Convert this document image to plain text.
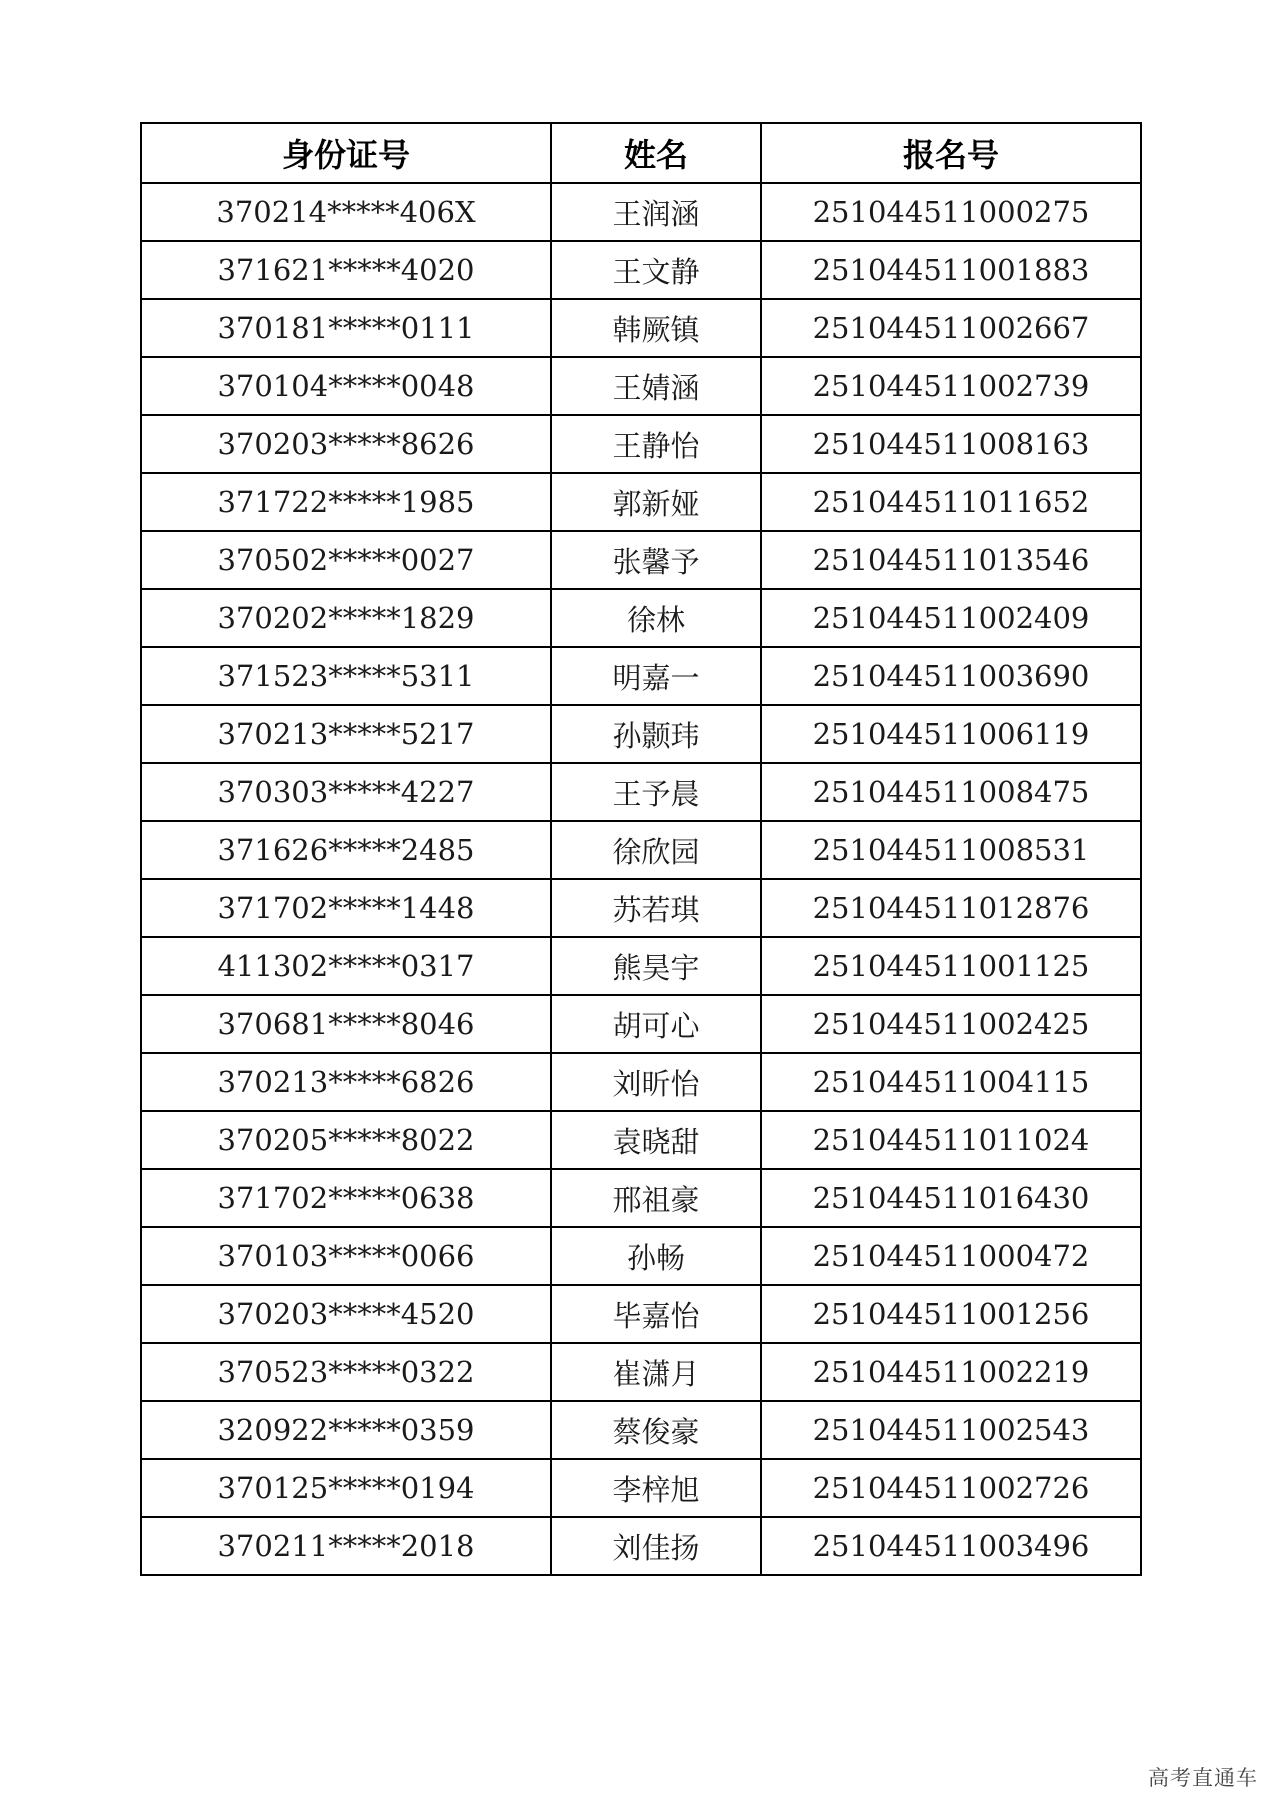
身份证号	姓名	报名号
370214*****406X	王润涵	251044511000275
371621*****4020	王文静	251044511001883
370181*****0111	韩厥镇	251044511002667
370104*****0048	王婧涵	251044511002739
370203*****8626	王静怡	251044511008163
371722*****1985	郭新娅	251044511011652
370502*****0027	张馨予	251044511013546
370202*****1829	徐林	251044511002409
371523*****5311	明嘉一	251044511003690
370213*****5217	孙颢玮	251044511006119
370303*****4227	王予晨	251044511008475
371626*****2485	徐欣园	251044511008531
371702*****1448	苏若琪	251044511012876
411302*****0317	熊昊宇	251044511001125
370681*****8046	胡可心	251044511002425
370213*****6826	刘昕怡	251044511004115
370205*****8022	袁晓甜	251044511011024
371702*****0638	邢祖豪	251044511016430
370103*****0066	孙畅	251044511000472
370203*****4520	毕嘉怡	251044511001256
370523*****0322	崔潇月	251044511002219
320922*****0359	蔡俊豪	251044511002543
370125*****0194	李梓旭	251044511002726
370211*****2018	刘佳扬	251044511003496
高考直通车
